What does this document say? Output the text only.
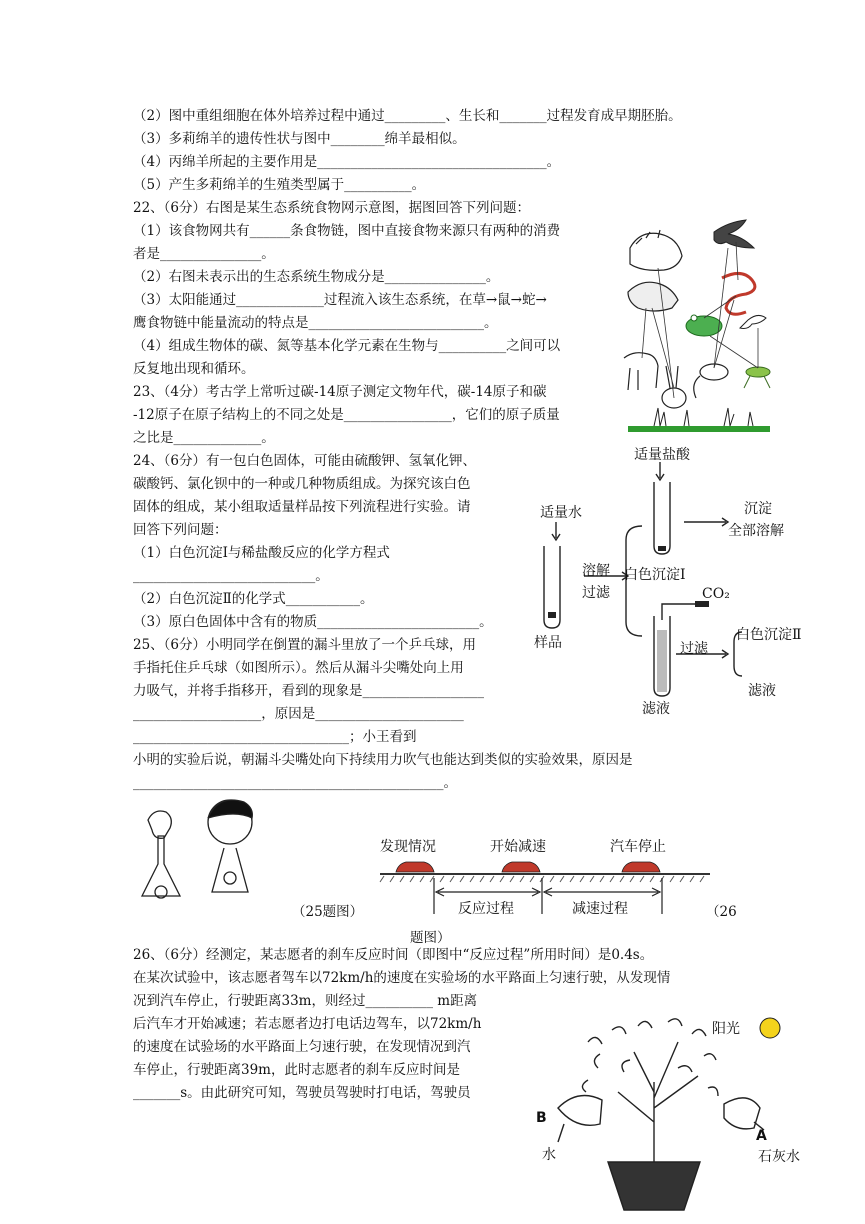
（2）图中重组细胞在体外培养过程中通过_________、生长和_______过程发育成早期胚胎。
（3）多莉绵羊的遗传性状与图中________绵羊最相似。
（4）丙绵羊所起的主要作用是__________________________________。
（5）产生多莉绵羊的生殖类型属于__________。
22、（6分）右图是某生态系统食物网示意图，据图回答下列问题：
（1）该食物网共有______条食物链，图中直接食物来源只有两种的消费
者是_______________。
（2）右图未表示出的生态系统生物成分是_______________。
（3）太阳能通过_____________过程流入该生态系统，在草→鼠→蛇→
鹰食物链中能量流动的特点是__________________________。
（4）组成生物体的碳、氮等基本化学元素在生物与__________之间可以
反复地出现和循环。
23、（4分）考古学上常听过碳-14原子测定文物年代，碳-14原子和碳
-12原子在原子结构上的不同之处是________________，它们的原子质量
之比是_____________。
24、（6分）有一包白色固体，可能由硫酸钾、氢氧化钾、
碳酸钙、氯化钡中的一种或几种物质组成。为探究该白色
固体的组成，某小组取适量样品按下列流程进行实验。请
回答下列问题：
（1）白色沉淀Ⅰ与稀盐酸反应的化学方程式
___________________________。
（2）白色沉淀Ⅱ的化学式___________。
（3）原白色固体中含有的物质________________________。
25、（6分）小明同学在倒置的漏斗里放了一个乒乓球，用
手指托住乒乓球（如图所示）。然后从漏斗尖嘴处向上用
力吸气，并将手指移开，看到的现象是__________________
___________________，原因是______________________
________________________________；小王看到
小明的实验后说，朝漏斗尖嘴处向下持续用力吹气也能达到类似的实验效果，原因是
______________________________________________。
26、（6分）经测定，某志愿者的刹车反应时间（即图中“反应过程”所用时间）是0.4s。
在某次试验中，该志愿者驾车以72km/h的速度在实验场的水平路面上匀速行驶，从发现情
况到汽车停止，行驶距离33m，则经过__________ m距离
后汽车才开始减速；若志愿者边打电话边驾车，以72km/h
的速度在试验场的水平路面上匀速行驶，在发现情况到汽
车停止，行驶距离39m，此时志愿者的刹车反应时间是
_______s。由此研究可知，驾驶员驾驶时打电话，驾驶员
适量水
样品
溶解
过滤
适量盐酸
白色沉淀Ⅰ
沉淀
全部溶解
CO₂
过滤
白色沉淀Ⅱ
滤液
滤液
（25题图）
发现情况	开始减速	汽车停止
反应过程	减速过程	（26
题图）
阳光
B
A
水	石灰水
